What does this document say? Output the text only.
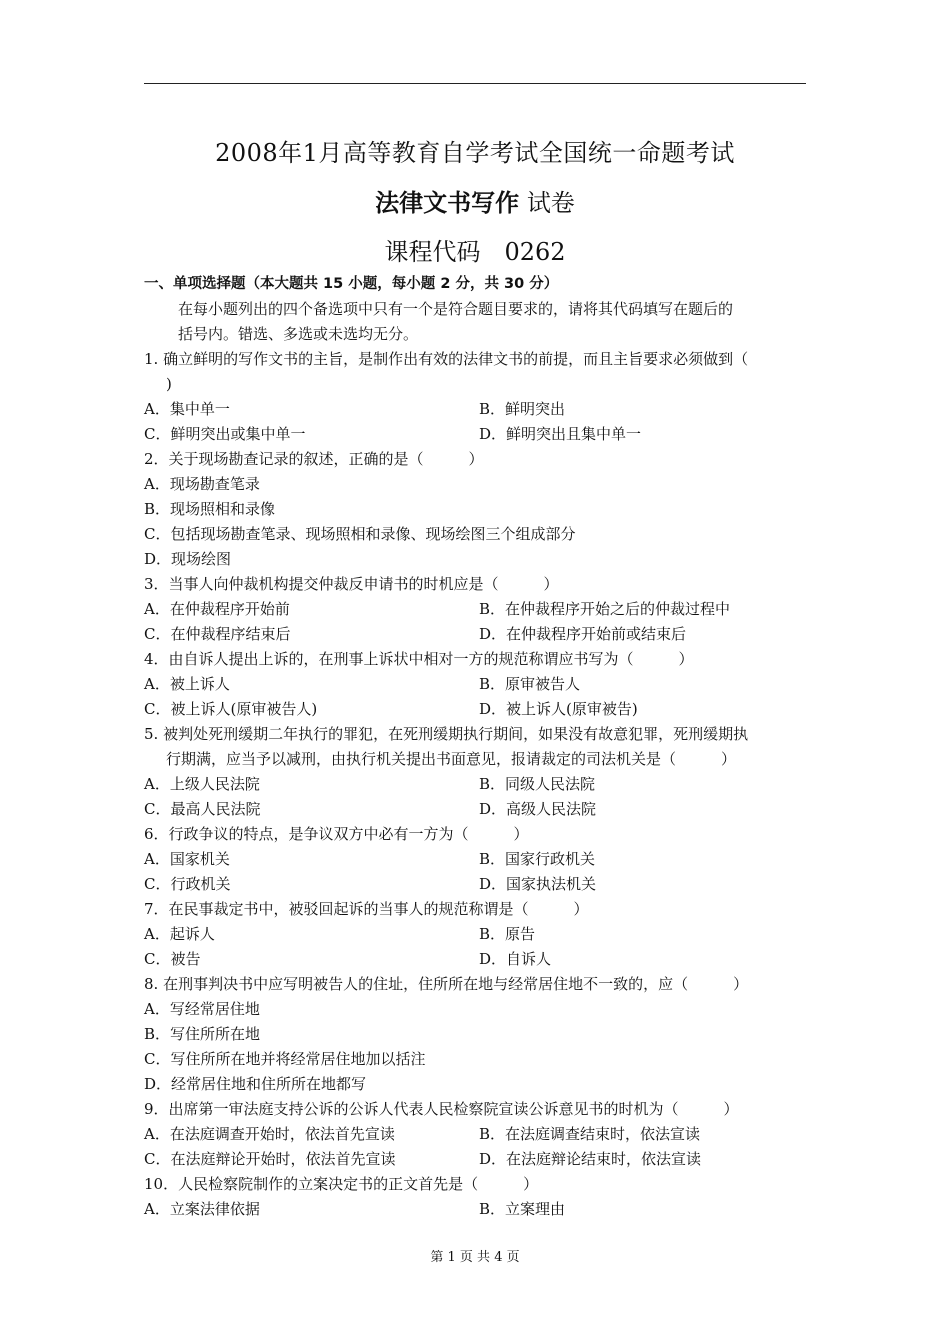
2008年1月高等教育自学考试全国统一命题考试
法律文书写作 试卷
课程代码　0262
一、单项选择题（本大题共 15 小题，每小题 2 分，共 30 分）
在每小题列出的四个备选项中只有一个是符合题目要求的，请将其代码填写在题后的
括号内。错选、多选或未选均无分。
1. 确立鲜明的写作文书的主旨，是制作出有效的法律文书的前提，而且主旨要求必须做到（
)
A．集中单一	B．鲜明突出
C．鲜明突出或集中单一	D．鲜明突出且集中单一
2．关于现场勘查记录的叙述，正确的是（　　　）
A．现场勘查笔录
B．现场照相和录像
C．包括现场勘查笔录、现场照相和录像、现场绘图三个组成部分
D．现场绘图
3．当事人向仲裁机构提交仲裁反申请书的时机应是（　　　）
A．在仲裁程序开始前	B．在仲裁程序开始之后的仲裁过程中
C．在仲裁程序结束后	D．在仲裁程序开始前或结束后
4．由自诉人提出上诉的，在刑事上诉状中相对一方的规范称谓应书写为（　　　）
A．被上诉人	B．原审被告人
C．被上诉人(原审被告人)	D．被上诉人(原审被告)
5. 被判处死刑缓期二年执行的罪犯，在死刑缓期执行期间，如果没有故意犯罪，死刑缓期执
行期满，应当予以减刑，由执行机关提出书面意见，报请裁定的司法机关是（　　　）
A．上级人民法院	B．同级人民法院
C．最高人民法院	D．高级人民法院
6．行政争议的特点，是争议双方中必有一方为（　　　）
A．国家机关	B．国家行政机关
C．行政机关	D．国家执法机关
7．在民事裁定书中，被驳回起诉的当事人的规范称谓是（　　　）
A．起诉人	B．原告
C．被告	D．自诉人
8. 在刑事判决书中应写明被告人的住址，住所所在地与经常居住地不一致的，应（　　　）
A．写经常居住地
B．写住所所在地
C．写住所所在地并将经常居住地加以括注
D．经常居住地和住所所在地都写
9．出席第一审法庭支持公诉的公诉人代表人民检察院宣读公诉意见书的时机为（　　　）
A．在法庭调查开始时，依法首先宣读	B．在法庭调查结束时，依法宣读
C．在法庭辩论开始时，依法首先宣读	D．在法庭辩论结束时，依法宣读
10．人民检察院制作的立案决定书的正文首先是（　　　）
A．立案法律依据	B．立案理由
第 1 页 共 4 页
